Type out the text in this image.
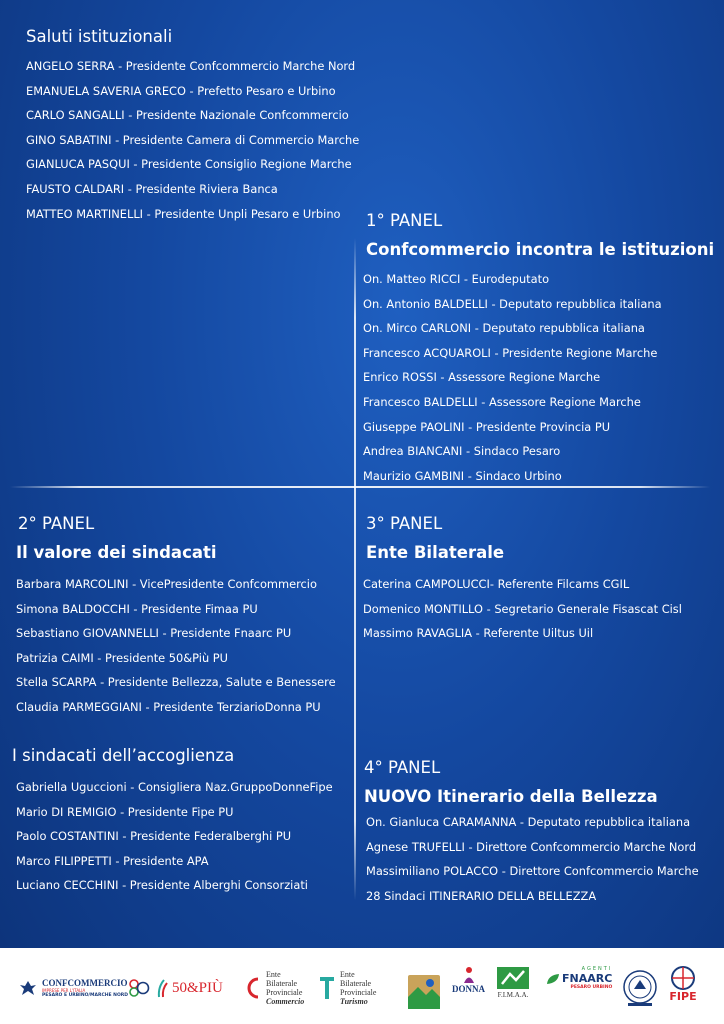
Saluti istituzionali
ANGELO SERRA - Presidente Confcommercio Marche Nord
EMANUELA SAVERIA GRECO - Prefetto Pesaro e Urbino
CARLO SANGALLI - Presidente Nazionale Confcommercio
GINO SABATINI - Presidente Camera di Commercio Marche
GIANLUCA PASQUI - Presidente Consiglio Regione Marche
FAUSTO CALDARI - Presidente Riviera Banca
MATTEO MARTINELLI - Presidente Unpli Pesaro e Urbino	1° PANEL
Confcommercio incontra le istituzioni
On. Matteo RICCI - Eurodeputato
On. Antonio BALDELLI - Deputato repubblica italiana
On. Mirco CARLONI - Deputato repubblica italiana
Francesco ACQUAROLI - Presidente Regione Marche
Enrico ROSSI - Assessore Regione Marche
Francesco BALDELLI - Assessore Regione Marche
Giuseppe PAOLINI - Presidente Provincia PU
Andrea BIANCANI - Sindaco Pesaro
Maurizio GAMBINI - Sindaco Urbino
2° PANEL
Il valore dei sindacati
Barbara MARCOLINI - VicePresidente Confcommercio
Simona BALDOCCHI - Presidente Fimaa PU
Sebastiano GIOVANNELLI - Presidente Fnaarc PU
Patrizia CAIMI - Presidente 50&Più PU
Stella SCARPA - Presidente Bellezza, Salute e Benessere
Claudia PARMEGGIANI - Presidente TerziarioDonna PU
I sindacati dell’accoglienza
Gabriella Uguccioni - Consigliera Naz.GruppoDonneFipe
Mario DI REMIGIO - Presidente Fipe PU
Paolo COSTANTINI - Presidente Federalberghi PU
Marco FILIPPETTI - Presidente APA
Luciano CECCHINI - Presidente Alberghi Consorziati
3° PANEL
Ente Bilaterale
Caterina CAMPOLUCCI- Referente Filcams CGIL
Domenico MONTILLO - Segretario Generale Fisascat Cisl
Massimo RAVAGLIA - Referente Uiltus Uil
4° PANEL
NUOVO Itinerario della Bellezza
On. Gianluca CARAMANNA - Deputato repubblica italiana
Agnese TRUFELLI - Direttore Confcommercio Marche Nord
Massimiliano POLACCO - Direttore Confcommercio Marche
28 Sindaci ITINERARIO DELLA BELLEZZA
CONFCOMMERCIO
IMPRESE PER L'ITALIA
PESARO E URBINO/MARCHE NORD	50&PIÙ
Ente
Bilaterale
Provinciale
Commercio
Ente
Bilaterale
Provinciale
Turismo
DONNA
F.I.M.A.A.
AGENTI
FNAARC
PESARO URBINO
FIPE
